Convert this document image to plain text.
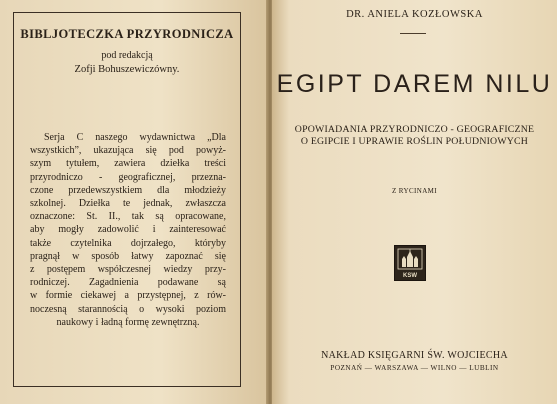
BIBLJOTECZKA PRZYRODNICZA
pod redakcją
Zofji Bohuszewiczówny.
Serja C naszego wydawnictwa „Dla
wszystkich”, ukazująca się pod powyż-
szym tytułem, zawiera dziełka treści
przyrodniczo - geograficznej, przezna-
czone przedewszystkiem dla młodzieży
szkolnej. Dziełka te jednak, zwłaszcza
oznaczone: St. II., tak są opracowane,
aby mogły zadowolić i zainteresować
także czytelnika dojrzałego, któryby
pragnął w sposób łatwy zapoznać się
z postępem współczesnej wiedzy przy-
rodniczej. Zagadnienia podawane są
w formie ciekawej a przystępnej, z rów-
noczesną starannością o wysoki poziom
naukowy i ładną formę zewnętrzną.
DR. ANIELA KOZŁOWSKA
EGIPT DAREM NILU
OPOWIADANIA PRZYRODNICZO - GEOGRAFICZNE
O EGIPCIE I UPRAWIE ROŚLIN POŁUDNIOWYCH
Z RYCINAMI
KSW
NAKŁAD KSIĘGARNI ŚW. WOJCIECHA
POZNAŃ — WARSZAWA — WILNO — LUBLIN
